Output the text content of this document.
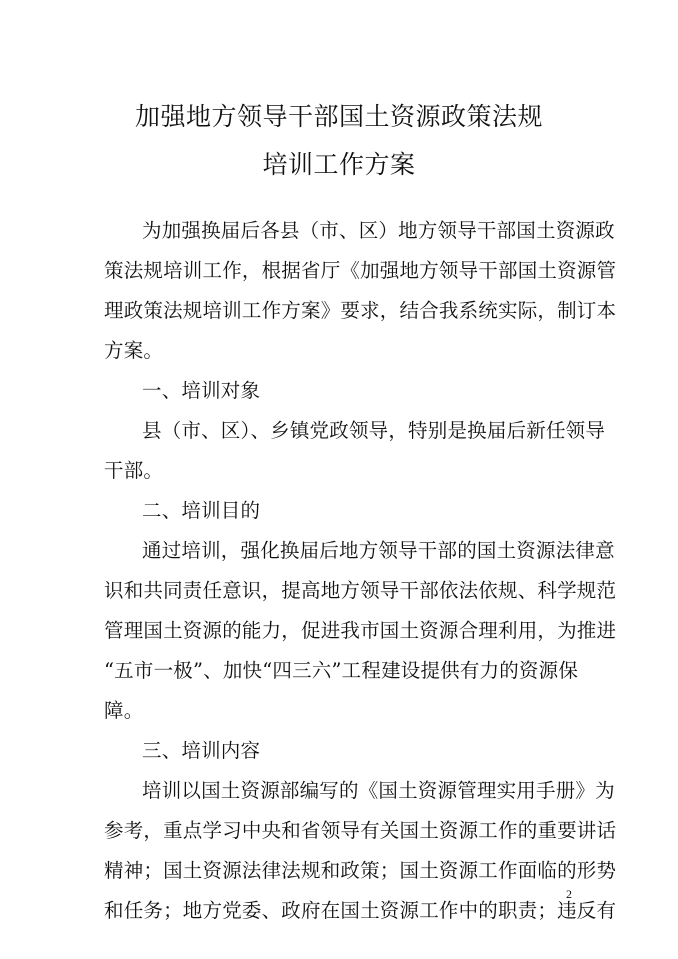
加强地方领导干部国土资源政策法规
培训工作方案
为加强换届后各县（市、区）地方领导干部国土资源政
策法规培训工作，根据省厅《加强地方领导干部国土资源管
理政策法规培训工作方案》要求，结合我系统实际，制订本
方案。
一、培训对象
县（市、区）、乡镇党政领导，特别是换届后新任领导
干部。
二、培训目的
通过培训，强化换届后地方领导干部的国土资源法律意
识和共同责任意识，提高地方领导干部依法依规、科学规范
管理国土资源的能力，促进我市国土资源合理利用，为推进
“五市一极”、加快“四三六”工程建设提供有力的资源保
障。
三、培训内容
培训以国土资源部编写的《国土资源管理实用手册》为
参考，重点学习中央和省领导有关国土资源工作的重要讲话
精神；国土资源法律法规和政策；国土资源工作面临的形势
和任务；地方党委、政府在国土资源工作中的职责；违反有
2
